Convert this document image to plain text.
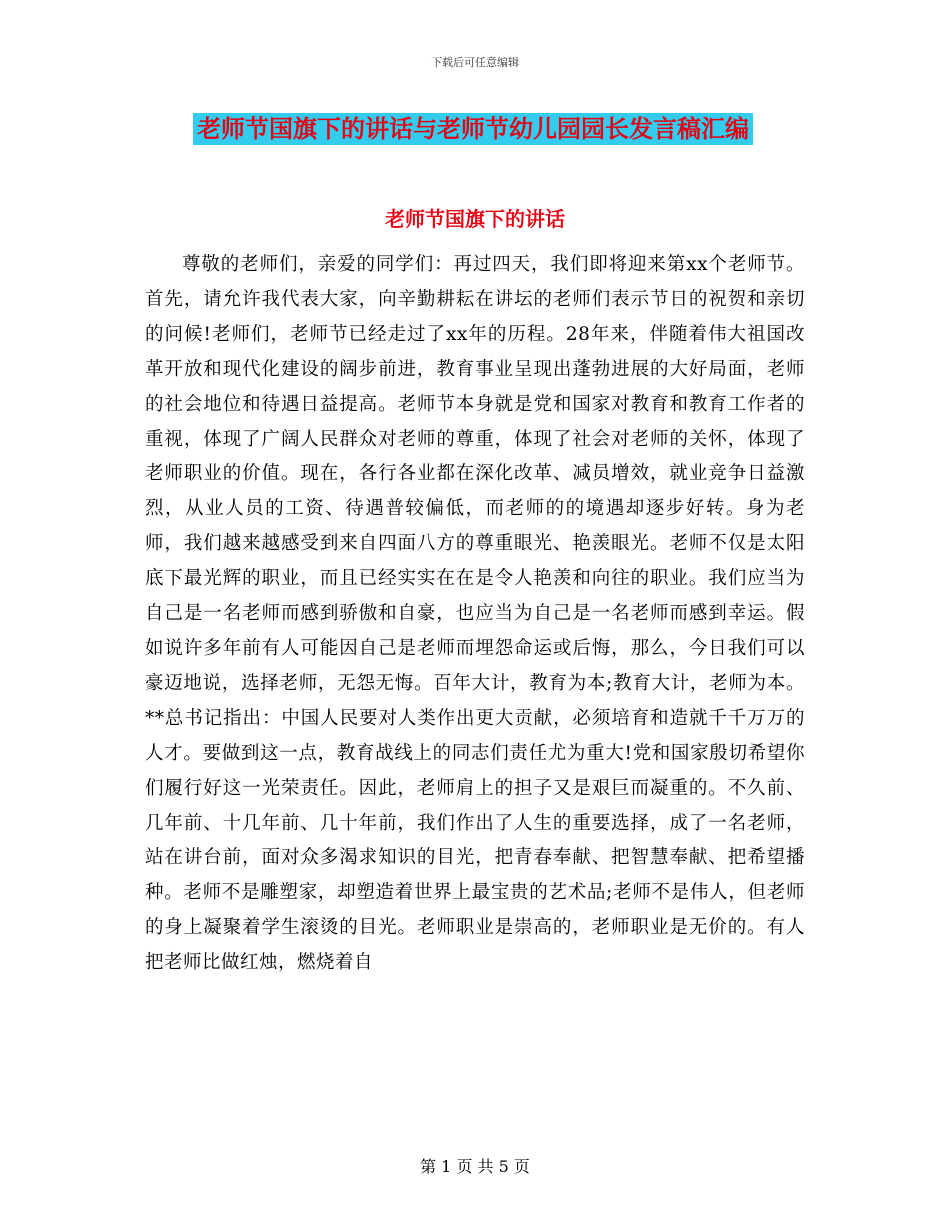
下载后可任意编辑
老师节国旗下的讲话与老师节幼儿园园长发言稿汇编
老师节国旗下的讲话

尊敬的老师们，亲爱的同学们：再过四天，我们即将迎来第xx个老师节。首先，请允许我代表大家，向辛勤耕耘在讲坛的老师们表示节日的祝贺和亲切的问候!老师们，老师节已经走过了xx年的历程。28年来，伴随着伟大祖国改革开放和现代化建设的阔步前进，教育事业呈现出蓬勃进展的大好局面，老师的社会地位和待遇日益提高。老师节本身就是党和国家对教育和教育工作者的重视，体现了广阔人民群众对老师的尊重，体现了社会对老师的关怀，体现了老师职业的价值。现在，各行各业都在深化改革、减员增效，就业竞争日益激烈，从业人员的工资、待遇普较偏低，而老师的的境遇却逐步好转。身为老师，我们越来越感受到来自四面八方的尊重眼光、艳羡眼光。老师不仅是太阳底下最光辉的职业，而且已经实实在在是令人艳羡和向往的职业。我们应当为自己是一名老师而感到骄傲和自豪，也应当为自己是一名老师而感到幸运。假如说许多年前有人可能因自己是老师而埋怨命运或后悔，那么，今日我们可以豪迈地说，选择老师，无怨无悔。百年大计，教育为本;教育大计，老师为本。**总书记指出：中国人民要对人类作出更大贡献，必须培育和造就千千万万的人才。要做到这一点，教育战线上的同志们责任尤为重大!党和国家殷切希望你们履行好这一光荣责任。因此，老师肩上的担子又是艰巨而凝重的。不久前、几年前、十几年前、几十年前，我们作出了人生的重要选择，成了一名老师，站在讲台前，面对众多渴求知识的目光，把青春奉献、把智慧奉献、把希望播种。老师不是雕塑家，却塑造着世界上最宝贵的艺术品;老师不是伟人，但老师的身上凝聚着学生滚烫的目光。老师职业是崇高的，老师职业是无价的。有人把老师比做红烛，燃烧着自

第 1 页 共 5 页
